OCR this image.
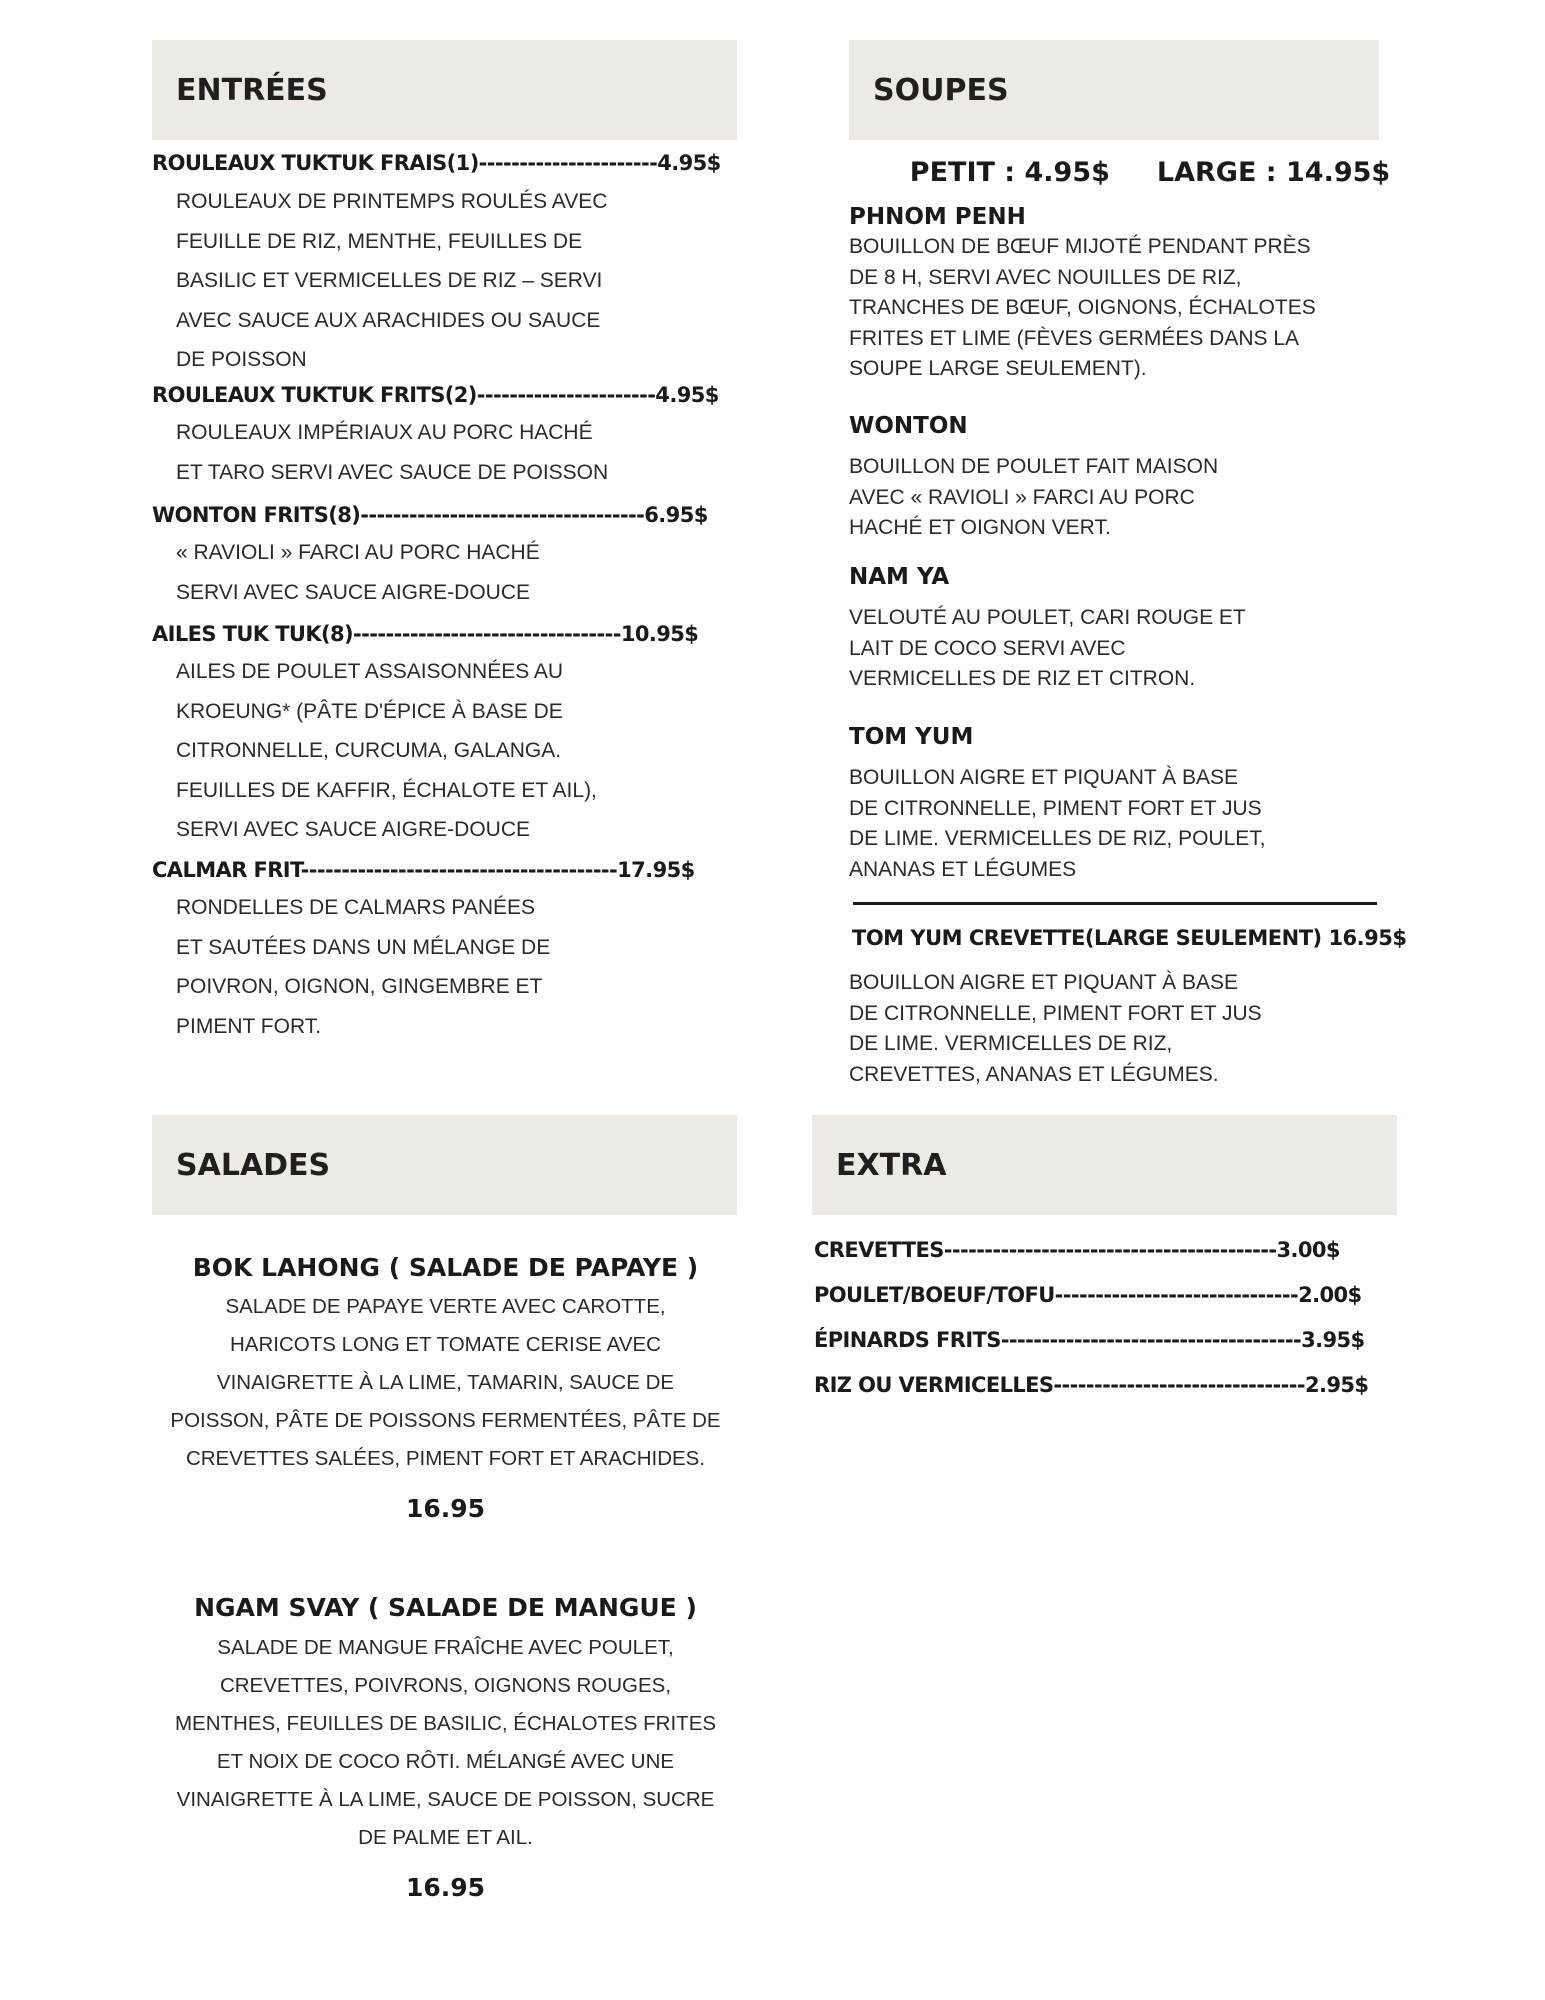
ENTRÉES
ROULEAUX TUKTUK FRAIS(1)----------------------4.95$
ROULEAUX DE PRINTEMPS ROULÉS AVEC
FEUILLE DE RIZ, MENTHE, FEUILLES DE
BASILIC ET VERMICELLES DE RIZ – SERVI
AVEC SAUCE AUX ARACHIDES OU SAUCE
DE POISSON
ROULEAUX TUKTUK FRITS(2)----------------------4.95$
ROULEAUX IMPÉRIAUX AU PORC HACHÉ
ET TARO SERVI AVEC SAUCE DE POISSON
WONTON FRITS(8)-----------------------------------6.95$
« RAVIOLI » FARCI AU PORC HACHÉ
SERVI AVEC SAUCE AIGRE-DOUCE
AILES TUK TUK(8)---------------------------------10.95$
AILES DE POULET ASSAISONNÉES AU
KROEUNG* (PÂTE D'ÉPICE À BASE DE
CITRONNELLE, CURCUMA, GALANGA.
FEUILLES DE KAFFIR, ÉCHALOTE ET AIL),
SERVI AVEC SAUCE AIGRE-DOUCE
CALMAR FRIT---------------------------------------17.95$
RONDELLES DE CALMARS PANÉES
ET SAUTÉES DANS UN MÉLANGE DE
POIVRON, OIGNON, GINGEMBRE ET
PIMENT FORT.
SOUPES
PETIT : 4.95$     LARGE : 14.95$
PHNOM PENH
BOUILLON DE BŒUF MIJOTÉ PENDANT PRÈS
DE 8 H, SERVI AVEC NOUILLES DE RIZ,
TRANCHES DE BŒUF, OIGNONS, ÉCHALOTES
FRITES ET LIME (FÈVES GERMÉES DANS LA
SOUPE LARGE SEULEMENT).
WONTON
BOUILLON DE POULET FAIT MAISON
AVEC « RAVIOLI » FARCI AU PORC
HACHÉ ET OIGNON VERT.
NAM YA
VELOUTÉ AU POULET, CARI ROUGE ET
LAIT DE COCO SERVI AVEC
VERMICELLES DE RIZ ET CITRON.
TOM YUM
BOUILLON AIGRE ET PIQUANT À BASE
DE CITRONNELLE, PIMENT FORT ET JUS
DE LIME. VERMICELLES DE RIZ, POULET,
ANANAS ET LÉGUMES
TOM YUM CREVETTE(LARGE SEULEMENT) 16.95$
BOUILLON AIGRE ET PIQUANT À BASE
DE CITRONNELLE, PIMENT FORT ET JUS
DE LIME. VERMICELLES DE RIZ,
CREVETTES, ANANAS ET LÉGUMES.
SALADES
BOK LAHONG ( SALADE DE PAPAYE )
SALADE DE PAPAYE VERTE AVEC CAROTTE,
HARICOTS LONG ET TOMATE CERISE AVEC
VINAIGRETTE À LA LIME, TAMARIN, SAUCE DE
POISSON, PÂTE DE POISSONS FERMENTÉES, PÂTE DE
CREVETTES SALÉES, PIMENT FORT ET ARACHIDES.
16.95
NGAM SVAY ( SALADE DE MANGUE )
SALADE DE MANGUE FRAÎCHE AVEC POULET,
CREVETTES, POIVRONS, OIGNONS ROUGES,
MENTHES, FEUILLES DE BASILIC, ÉCHALOTES FRITES
ET NOIX DE COCO RÔTI. MÉLANGÉ AVEC UNE
VINAIGRETTE À LA LIME, SAUCE DE POISSON, SUCRE
DE PALME ET AIL.
16.95
EXTRA
CREVETTES-----------------------------------------3.00$
POULET/BOEUF/TOFU------------------------------2.00$
ÉPINARDS FRITS-------------------------------------3.95$
RIZ OU VERMICELLES-------------------------------2.95$
